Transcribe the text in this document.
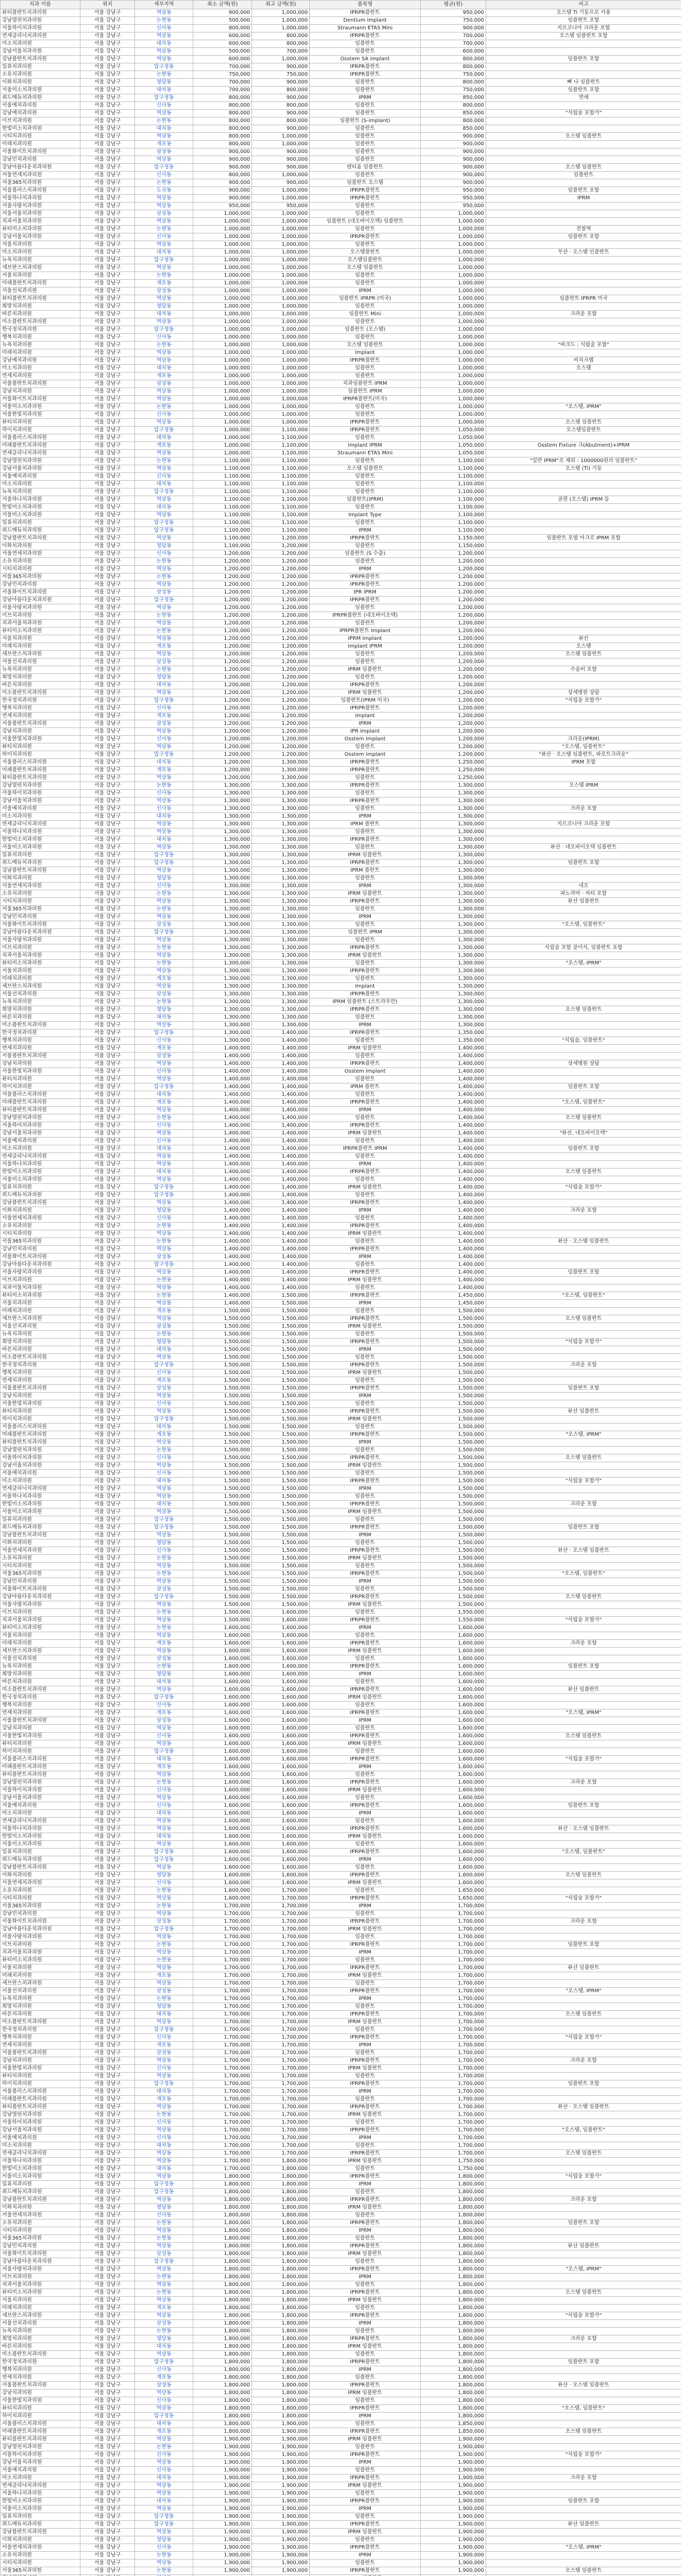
치과 이름	위치	세부지역	최소 금액(원)	최고 금액(원)	품목명	평균(원)	비고
뷰티플란트치과의원	서울 강남구	역삼동	900,000	1,000,000	IPRPR플란트	950,000	오스템 Ti 기둥으로 사용
강남열린치과의원	서울 강남구	논현동	500,000	1,000,000	Dentium implant	750,000	임플란트 포함
서울하이치과의원	서울 강남구	신사동	800,000	1,000,000	Straumann ETAS Mini	900,000	지르코니아 크라운 포함
연세클리닉치과의원	서울 강남구	역삼동	600,000	800,000	IPRPR플란트	700,000	오스템 임플란트 포함
미소치과의원	서울 강남구	대치동	600,000	800,000	임플란트	700,000	
강남서울치과의원	서울 강남구	역삼동	500,000	700,000	임플란트	600,000	
강남플란트치과의원	서울 강남구	역삼동	600,000	1,000,000	Osstem SA implant	800,000	임플란트 포함
일류치과의원	서울 강남구	압구정동	700,000	900,000	IPRPR플란트	800,000	
소유치과의원	서울 강남구	논현동	750,000	750,000	IPRPR플란트	750,000	
이화치과의원	서울 강남구	청담동	700,000	900,000	임플란트	800,000	뼈 나 임플란트
서울미소치과의원	서울 강남구	대치동	700,000	800,000	임플란트	750,000	임플란트 포함
위드메듀치과의원	서울 강남구	압구정동	800,000	900,000	IPRM	850,000	면세
서울예치과의원	서울 강남구	신사동	800,000	800,000	임플란트	800,000	
강남예치과의원	서울 강남구	역삼동	800,000	900,000	임플란트	850,000	"식립술 포함가"
이브치과의원	서울 강남구	논현동	800,000	800,000	임플란트 (S-implant)	800,000	
한빛미소치과의원	서울 강남구	대치동	800,000	900,000	임플란트	850,000	
시티치과의원	서울 강남구	역삼동	800,000	1,000,000	임플란트	900,000	오스템 임플란트
미래치과의원	서울 강남구	개포동	800,000	1,000,000	임플란트	900,000	
서울화이트치과의원	서울 강남구	삼성동	900,000	900,000	임플란트	900,000	
강남민치과의원	서울 강남구	역삼동	900,000	900,000	임플란트	900,000	
강남아름다운치과의원	서울 강남구	압구정동	900,000	900,000	덴티움 임플란트	900,000	오스템 임플란트
서울연세치과의원	서울 강남구	신사동	800,000	1,000,000	임플란트	900,000	임플란트
서울365치과의원	서울 강남구	논현동	900,000	900,000	임플란트 오스템	900,000	
서울플러스치과의원	서울 강남구	도곡동	900,000	1,000,000	IPRPR플란트	950,000	임플란트 포함
서울하나치과의원	서울 강남구	역삼동	900,000	1,000,000	IPRPR플란트	950,000	IPRM
서울사랑치과의원	서울 강남구	역삼동	950,000	950,000	임플란트	950,000	
서울서울치과의원	서울 강남구	삼성동	1,000,000	1,000,000	임플란트	1,000,000	
치과서울치과의원	서울 강남구	역삼동	1,000,000	1,000,000	임플란트 (네오바이오텍) 임플란트	1,000,000	
뷰티미소치과의원	서울 강남구	논현동	1,000,000	1,000,000	임플란트	1,000,000	전철역
강남서울치과의원	서울 강남구	신사동	1,000,000	1,000,000	IPRPR플란트	1,000,000	임플란트 포함
서울치과의원	서울 강남구	역삼동	1,000,000	1,000,000	임플란트	1,000,000	
미소치과의원	서울 강남구	대치동	1,000,000	1,000,000	오스템플란트	1,000,000	무산 · 오스템 인플란트
뉴욕치과의원	서울 강남구	압구정동	1,000,000	1,000,000	오스템임플란트	1,000,000	
세브란스치과의원	서울 강남구	역삼동	1,000,000	1,000,000	오스템 임플란트	1,000,000	
서울치과의원	서울 강남구	논현동	1,000,000	1,000,000	임플란트	1,000,000	
미래플란트치과의원	서울 강남구	개포동	1,000,000	1,000,000	임플란트	1,000,000	
서울선치과의원	서울 강남구	삼성동	1,000,000	1,000,000	IPRM	1,000,000	
뷰티플란트치과의원	서울 강남구	역삼동	1,000,000	1,000,000	임플란트 IPRPR (미국)	1,000,000	임플란트 IPRPR 미국
희망치과의원	서울 강남구	청담동	1,000,000	1,000,000	임플란트	1,000,000	
바른치과의원	서울 강남구	대치동	1,000,000	1,000,000	임플란트 Mini	1,000,000	크라운 포함
미소플란트치과의원	서울 강남구	역삼동	1,000,000	1,000,000	임플란트	1,000,000	
한국정치과의원	서울 강남구	압구정동	1,000,000	1,000,000	임플란트 (오스템)	1,000,000	
행복치과의원	서울 강남구	신사동	1,000,000	1,000,000	임플란트	1,000,000	
뉴욕치과의원	서울 강남구	논현동	1,000,000	1,000,000	오스템 임플란트	1,000,000	"바크드 : 식립술 포함"
미래치과의원	서울 강남구	역삼동	1,000,000	1,000,000	Implant	1,000,000	
강남예치과의원	서울 강남구	역삼동	1,000,000	1,000,000	IPRPR플란트	1,000,000	비치크랩
미소치과의원	서울 강남구	대치동	1,000,000	1,000,000	임플란트	1,000,000	오스템
연세치과의원	서울 강남구	개포동	1,000,000	1,000,000	임플란트	1,000,000	
서울플란트치과의원	서울 강남구	삼성동	1,000,000	1,000,000	치과임플란트 IPRM	1,000,000	
강남치과의원	서울 강남구	역삼동	1,000,000	1,000,000	임플란트 IPRM	1,000,000	
서울화이트치과의원	서울 강남구	역삼동	1,000,000	1,000,000	IPRPR플란트(미국)	1,000,000	
서울미소치과의원	서울 강남구	논현동	1,000,000	1,000,000	임플란트	1,000,000	"오스템, IPRM"
서울한빛치과의원	서울 강남구	신사동	1,000,000	1,000,000	임플란트	1,000,000	
뷰티치과의원	서울 강남구	역삼동	1,000,000	1,000,000	IPRPR플란트	1,000,000	오스템 임플란트
하이치과의원	서울 강남구	압구정동	1,000,000	1,100,000	IPRPR플란트	1,050,000	오스템임플란트
서울플러스치과의원	서울 강남구	대치동	1,000,000	1,100,000	임플란트	1,050,000	
미래플란트치과의원	서울 강남구	개포동	1,000,000	1,100,000	Implant IPRM	1,050,000	Osstem Fixture 크(Abutment)+IPRM
연세클리닉치과의원	서울 강남구	역삼동	1,000,000	1,100,000	Straumann ETAS Mini	1,050,000	
강남열린치과의원	서울 강남구	논현동	1,100,000	1,100,000	임플란트	1,100,000	"일반 IPRM"로 제외 : 1000000원의 임플란트"
강남서울치과의원	서울 강남구	역삼동	1,100,000	1,100,000	오스템 임플란트	1,100,000	오스템 (Ti) 기둥
서울예치과의원	서울 강남구	신사동	1,100,000	1,100,000	임플란트	1,100,000	
미소치과의원	서울 강남구	대치동	1,100,000	1,100,000	임플란트	1,100,000	
뉴욕치과의원	서울 강남구	압구정동	1,100,000	1,100,000	임플란트	1,100,000	
서울하나치과의원	서울 강남구	역삼동	1,100,000	1,100,000	임플란트(IPRM)	1,100,000	골편 (오스템) IPRM 등
한빛미소치과의원	서울 강남구	대치동	1,100,000	1,100,000	임플란트	1,100,000	
서울미소치과의원	서울 강남구	역삼동	1,100,000	1,100,000	Implant Type	1,100,000	
일류치과의원	서울 강남구	압구정동	1,100,000	1,100,000	임플란트	1,100,000	
위드메듀치과의원	서울 강남구	압구정동	1,100,000	1,100,000	IPRM	1,100,000	
강남플란트치과의원	서울 강남구	역삼동	1,100,000	1,200,000	IPRPR플란트	1,150,000	임플란트 포함 아크로 IPRM 포함
이화치과의원	서울 강남구	청담동	1,100,000	1,200,000	임플란트	1,150,000	
서울연세치과의원	서울 강남구	신사동	1,200,000	1,200,000	임플란트 (S 수출)	1,200,000	
소유치과의원	서울 강남구	논현동	1,200,000	1,200,000	임플란트	1,200,000	
시티치과의원	서울 강남구	역삼동	1,200,000	1,200,000	IPRM	1,200,000	
서울365치과의원	서울 강남구	논현동	1,200,000	1,200,000	IPRPR플란트	1,200,000	
강남민치과의원	서울 강남구	역삼동	1,200,000	1,200,000	IPRPR플란트	1,200,000	
서울화이트치과의원	서울 강남구	삼성동	1,200,000	1,200,000	IPR IPRM	1,200,000	
강남아름다운치과의원	서울 강남구	압구정동	1,200,000	1,200,000	IPRPR플란트	1,200,000	
서울사랑치과의원	서울 강남구	역삼동	1,200,000	1,200,000	임플란트	1,200,000	
이브치과의원	서울 강남구	논현동	1,200,000	1,200,000	IPRPR플란트 (네오바이오텍)	1,200,000	
치과서울치과의원	서울 강남구	역삼동	1,200,000	1,200,000	임플란트	1,200,000	
뷰티미소치과의원	서울 강남구	논현동	1,200,000	1,200,000	IPRPR플란트 Implant	1,200,000	
서울치과의원	서울 강남구	역삼동	1,200,000	1,200,000	IPRM Implant	1,200,000	뷰산
미래치과의원	서울 강남구	개포동	1,200,000	1,200,000	Implant IPRM	1,200,000	오스템
세브란스치과의원	서울 강남구	역삼동	1,200,000	1,200,000	임플란트	1,200,000	오스템 임플란트
서울선치과의원	서울 강남구	삼성동	1,200,000	1,200,000	임플란트	1,200,000	
뉴욕치과의원	서울 강남구	논현동	1,200,000	1,200,000	IPRM 임플란트	1,200,000	수술비 포함
희망치과의원	서울 강남구	청담동	1,200,000	1,200,000	임플란트	1,200,000	
바른치과의원	서울 강남구	대치동	1,200,000	1,200,000	IPRPR플란트	1,200,000	
미소플란트치과의원	서울 강남구	역삼동	1,200,000	1,200,000	IPRM 임플란트	1,200,000	상세병원 상담
한국정치과의원	서울 강남구	압구정동	1,200,000	1,200,000	임플란트(IPRM 미국)	1,200,000	"식립술 포함가"
행복치과의원	서울 강남구	신사동	1,200,000	1,200,000	IPRPR플란트	1,200,000	
연세치과의원	서울 강남구	개포동	1,200,000	1,200,000	Implant	1,200,000	
서울플란트치과의원	서울 강남구	삼성동	1,200,000	1,200,000	IPRM	1,200,000	
강남치과의원	서울 강남구	역삼동	1,200,000	1,200,000	IPR Implant	1,200,000	
서울한빛치과의원	서울 강남구	신사동	1,200,000	1,200,000	Osstem Implant	1,200,000	크라운(IPRM)
뷰티치과의원	서울 강남구	역삼동	1,200,000	1,200,000	임플란트	1,200,000	"오스템, 임플란트"
하이치과의원	서울 강남구	압구정동	1,200,000	1,200,000	Osstem Implant	1,200,000	"뷰산 · 오스템 임플란트, 파로트크라운"
서울플러스치과의원	서울 강남구	대치동	1,200,000	1,300,000	IPRPR플란트	1,250,000	IPRM 포함
미래플란트치과의원	서울 강남구	개포동	1,200,000	1,300,000	IPRPR플란트	1,250,000	
뷰티플란트치과의원	서울 강남구	역삼동	1,200,000	1,300,000	임플란트	1,250,000	
강남열린치과의원	서울 강남구	논현동	1,300,000	1,300,000	IPRPR플란트	1,300,000	오스템 IPRM
서울하이치과의원	서울 강남구	신사동	1,300,000	1,300,000	임플란트	1,300,000	
강남서울치과의원	서울 강남구	역삼동	1,300,000	1,300,000	IPRPR플란트	1,300,000	
서울예치과의원	서울 강남구	신사동	1,300,000	1,300,000	임플란트	1,300,000	크라운 포함
미소치과의원	서울 강남구	대치동	1,300,000	1,300,000	IPRM	1,300,000	
연세클리닉치과의원	서울 강남구	역삼동	1,300,000	1,300,000	IPRM 플란트	1,300,000	지르코니아 크라운 포함
서울하나치과의원	서울 강남구	역삼동	1,300,000	1,300,000	임플란트	1,300,000	
한빛미소치과의원	서울 강남구	대치동	1,300,000	1,300,000	IPRPR플란트	1,300,000	
서울미소치과의원	서울 강남구	역삼동	1,300,000	1,300,000	임플란트	1,300,000	뷰산 · 네오바이오텍 임플란트
일류치과의원	서울 강남구	압구정동	1,300,000	1,300,000	IPRM 임플란트	1,300,000	
위드메듀치과의원	서울 강남구	압구정동	1,300,000	1,300,000	IPRPR플란트	1,300,000	임플란트 포함
강남플란트치과의원	서울 강남구	역삼동	1,300,000	1,300,000	IPRM 플란트	1,300,000	
이화치과의원	서울 강남구	청담동	1,300,000	1,300,000	임플란트	1,300,000	
서울연세치과의원	서울 강남구	신사동	1,300,000	1,300,000	IPRM	1,300,000	네오
소유치과의원	서울 강남구	논현동	1,300,000	1,300,000	IPRM 임플란트	1,300,000	파노라마 · 씨티 포함
시티치과의원	서울 강남구	역삼동	1,300,000	1,300,000	IPRPR플란트	1,300,000	뷰산 임플란트
서울365치과의원	서울 강남구	논현동	1,300,000	1,300,000	임플란트	1,300,000	
강남민치과의원	서울 강남구	역삼동	1,300,000	1,300,000	IPRM	1,300,000	
서울화이트치과의원	서울 강남구	삼성동	1,300,000	1,300,000	임플란트	1,300,000	"오스템, 임플란트"
강남아름다운치과의원	서울 강남구	압구정동	1,300,000	1,300,000	임플란트 IPRM	1,300,000	
서울사랑치과의원	서울 강남구	역삼동	1,300,000	1,300,000	임플란트	1,300,000	
이브치과의원	서울 강남구	논현동	1,300,000	1,300,000	IPRPR플란트	1,300,000	식립술 포함 골이식, 임플란트 포함
치과서울치과의원	서울 강남구	역삼동	1,300,000	1,300,000	IPRM 임플란트	1,300,000	
뷰티미소치과의원	서울 강남구	논현동	1,300,000	1,300,000	임플란트	1,300,000	"오스템, IPRM"
서울치과의원	서울 강남구	역삼동	1,300,000	1,300,000	IPRPR플란트	1,300,000	
미래치과의원	서울 강남구	개포동	1,300,000	1,300,000	임플란트	1,300,000	
세브란스치과의원	서울 강남구	역삼동	1,300,000	1,300,000	Implant	1,300,000	
서울선치과의원	서울 강남구	삼성동	1,300,000	1,300,000	IPRPR플란트	1,300,000	
뉴욕치과의원	서울 강남구	논현동	1,300,000	1,300,000	IPRM 임플란트 (스트라우만)	1,300,000	
희망치과의원	서울 강남구	청담동	1,300,000	1,300,000	IPRPR플란트	1,300,000	오스템 임플란트
바른치과의원	서울 강남구	대치동	1,300,000	1,300,000	임플란트	1,300,000	
미소플란트치과의원	서울 강남구	역삼동	1,300,000	1,300,000	IPRM	1,300,000	
한국정치과의원	서울 강남구	압구정동	1,300,000	1,400,000	IPRPR플란트	1,350,000	
행복치과의원	서울 강남구	신사동	1,300,000	1,400,000	임플란트	1,350,000	"식립술, 임플란트"
연세치과의원	서울 강남구	개포동	1,400,000	1,400,000	IPRM 임플란트	1,400,000	
서울플란트치과의원	서울 강남구	삼성동	1,400,000	1,400,000	임플란트	1,400,000	
강남치과의원	서울 강남구	역삼동	1,400,000	1,400,000	IPRPR플란트	1,400,000	상세병원 상담
서울한빛치과의원	서울 강남구	신사동	1,400,000	1,400,000	Osstem Implant	1,400,000	
뷰티치과의원	서울 강남구	역삼동	1,400,000	1,400,000	임플란트	1,400,000	
하이치과의원	서울 강남구	압구정동	1,400,000	1,400,000	IPRM 플란트	1,400,000	임플란트 포함
서울플러스치과의원	서울 강남구	대치동	1,400,000	1,400,000	임플란트	1,400,000	
미래플란트치과의원	서울 강남구	개포동	1,400,000	1,400,000	IPRPR플란트	1,400,000	"오스템, 임플란트"
뷰티플란트치과의원	서울 강남구	역삼동	1,400,000	1,400,000	IPRM	1,400,000	
강남열린치과의원	서울 강남구	논현동	1,400,000	1,400,000	임플란트	1,400,000	오스템 임플란트
서울하이치과의원	서울 강남구	신사동	1,400,000	1,400,000	IPRPR플란트	1,400,000	
강남서울치과의원	서울 강남구	역삼동	1,400,000	1,400,000	IPRM 임플란트	1,400,000	"뷰산, 네오바이오텍"
서울예치과의원	서울 강남구	신사동	1,400,000	1,400,000	임플란트	1,400,000	
미소치과의원	서울 강남구	대치동	1,400,000	1,400,000	IPRPR플란트 IPRM	1,400,000	임플란트 포함
연세클리닉치과의원	서울 강남구	역삼동	1,400,000	1,400,000	임플란트	1,400,000	
서울하나치과의원	서울 강남구	역삼동	1,400,000	1,400,000	IPRM	1,400,000	
한빛미소치과의원	서울 강남구	대치동	1,400,000	1,400,000	IPRPR플란트	1,400,000	오스템 임플란트
서울미소치과의원	서울 강남구	역삼동	1,400,000	1,400,000	임플란트	1,400,000	
일류치과의원	서울 강남구	압구정동	1,400,000	1,400,000	IPRM 임플란트	1,400,000	"식립술 포함가"
위드메듀치과의원	서울 강남구	압구정동	1,400,000	1,400,000	임플란트	1,400,000	
강남플란트치과의원	서울 강남구	역삼동	1,400,000	1,400,000	IPRPR플란트	1,400,000	
이화치과의원	서울 강남구	청담동	1,400,000	1,400,000	IPRM	1,400,000	크라운 포함
서울연세치과의원	서울 강남구	신사동	1,400,000	1,400,000	임플란트	1,400,000	
소유치과의원	서울 강남구	논현동	1,400,000	1,400,000	IPRPR플란트	1,400,000	
시티치과의원	서울 강남구	역삼동	1,400,000	1,400,000	IPRM 임플란트	1,400,000	
서울365치과의원	서울 강남구	논현동	1,400,000	1,400,000	임플란트	1,400,000	뷰산 · 오스템 임플란트
강남민치과의원	서울 강남구	역삼동	1,400,000	1,400,000	IPRPR플란트	1,400,000	
서울화이트치과의원	서울 강남구	삼성동	1,400,000	1,400,000	IPRM	1,400,000	
강남아름다운치과의원	서울 강남구	압구정동	1,400,000	1,400,000	임플란트	1,400,000	
서울사랑치과의원	서울 강남구	역삼동	1,400,000	1,400,000	IPRPR플란트	1,400,000	임플란트 포함
이브치과의원	서울 강남구	논현동	1,400,000	1,400,000	IPRM 임플란트	1,400,000	
치과서울치과의원	서울 강남구	역삼동	1,400,000	1,400,000	임플란트	1,400,000	
뷰티미소치과의원	서울 강남구	논현동	1,400,000	1,500,000	IPRPR플란트	1,450,000	"오스템, 임플란트"
서울치과의원	서울 강남구	역삼동	1,400,000	1,500,000	IPRM	1,450,000	
미래치과의원	서울 강남구	개포동	1,500,000	1,500,000	임플란트	1,500,000	
세브란스치과의원	서울 강남구	역삼동	1,500,000	1,500,000	IPRPR플란트	1,500,000	오스템 임플란트
서울선치과의원	서울 강남구	삼성동	1,500,000	1,500,000	IPRM 임플란트	1,500,000	
뉴욕치과의원	서울 강남구	논현동	1,500,000	1,500,000	임플란트	1,500,000	
희망치과의원	서울 강남구	청담동	1,500,000	1,500,000	IPRPR플란트	1,500,000	"식립술 포함가"
바른치과의원	서울 강남구	대치동	1,500,000	1,500,000	IPRM	1,500,000	
미소플란트치과의원	서울 강남구	역삼동	1,500,000	1,500,000	임플란트	1,500,000	
한국정치과의원	서울 강남구	압구정동	1,500,000	1,500,000	IPRPR플란트	1,500,000	크라운 포함
행복치과의원	서울 강남구	신사동	1,500,000	1,500,000	IPRM 임플란트	1,500,000	
연세치과의원	서울 강남구	개포동	1,500,000	1,500,000	임플란트	1,500,000	
서울플란트치과의원	서울 강남구	삼성동	1,500,000	1,500,000	IPRPR플란트	1,500,000	임플란트 포함
강남치과의원	서울 강남구	역삼동	1,500,000	1,500,000	IPRM	1,500,000	
서울한빛치과의원	서울 강남구	신사동	1,500,000	1,500,000	임플란트	1,500,000	
뷰티치과의원	서울 강남구	역삼동	1,500,000	1,500,000	IPRPR플란트	1,500,000	뷰산 임플란트
하이치과의원	서울 강남구	압구정동	1,500,000	1,500,000	IPRM 임플란트	1,500,000	
서울플러스치과의원	서울 강남구	대치동	1,500,000	1,500,000	임플란트	1,500,000	
미래플란트치과의원	서울 강남구	개포동	1,500,000	1,500,000	IPRPR플란트	1,500,000	"오스템, IPRM"
뷰티플란트치과의원	서울 강남구	역삼동	1,500,000	1,500,000	IPRM	1,500,000	
강남열린치과의원	서울 강남구	논현동	1,500,000	1,500,000	임플란트	1,500,000	
서울하이치과의원	서울 강남구	신사동	1,500,000	1,500,000	IPRPR플란트	1,500,000	오스템 임플란트
강남서울치과의원	서울 강남구	역삼동	1,500,000	1,500,000	IPRM 임플란트	1,500,000	
서울예치과의원	서울 강남구	신사동	1,500,000	1,500,000	임플란트	1,500,000	
미소치과의원	서울 강남구	대치동	1,500,000	1,500,000	IPRPR플란트	1,500,000	"식립술 포함가"
연세클리닉치과의원	서울 강남구	역삼동	1,500,000	1,500,000	IPRM	1,500,000	
서울하나치과의원	서울 강남구	역삼동	1,500,000	1,500,000	임플란트	1,500,000	
한빛미소치과의원	서울 강남구	대치동	1,500,000	1,500,000	IPRPR플란트	1,500,000	크라운 포함
서울미소치과의원	서울 강남구	역삼동	1,500,000	1,500,000	IPRM 임플란트	1,500,000	
일류치과의원	서울 강남구	압구정동	1,500,000	1,500,000	임플란트	1,500,000	
위드메듀치과의원	서울 강남구	압구정동	1,500,000	1,500,000	IPRPR플란트	1,500,000	임플란트 포함
강남플란트치과의원	서울 강남구	역삼동	1,500,000	1,500,000	IPRM	1,500,000	
이화치과의원	서울 강남구	청담동	1,500,000	1,500,000	임플란트	1,500,000	
서울연세치과의원	서울 강남구	신사동	1,500,000	1,500,000	IPRPR플란트	1,500,000	뷰산 · 오스템 임플란트
소유치과의원	서울 강남구	논현동	1,500,000	1,500,000	IPRM 임플란트	1,500,000	
시티치과의원	서울 강남구	역삼동	1,500,000	1,500,000	임플란트	1,500,000	
서울365치과의원	서울 강남구	논현동	1,500,000	1,500,000	IPRPR플란트	1,500,000	"오스템, 임플란트"
강남민치과의원	서울 강남구	역삼동	1,500,000	1,500,000	IPRM	1,500,000	
서울화이트치과의원	서울 강남구	삼성동	1,500,000	1,500,000	임플란트	1,500,000	
강남아름다운치과의원	서울 강남구	압구정동	1,500,000	1,500,000	IPRPR플란트	1,500,000	오스템 임플란트
서울사랑치과의원	서울 강남구	역삼동	1,500,000	1,500,000	IPRM 임플란트	1,500,000	
이브치과의원	서울 강남구	논현동	1,500,000	1,600,000	임플란트	1,550,000	
치과서울치과의원	서울 강남구	역삼동	1,500,000	1,600,000	IPRPR플란트	1,550,000	"식립술 포함가"
뷰티미소치과의원	서울 강남구	논현동	1,600,000	1,600,000	IPRM	1,600,000	
서울치과의원	서울 강남구	역삼동	1,600,000	1,600,000	임플란트	1,600,000	
미래치과의원	서울 강남구	개포동	1,600,000	1,600,000	IPRPR플란트	1,600,000	크라운 포함
세브란스치과의원	서울 강남구	역삼동	1,600,000	1,600,000	IPRM 임플란트	1,600,000	
서울선치과의원	서울 강남구	삼성동	1,600,000	1,600,000	임플란트	1,600,000	
뉴욕치과의원	서울 강남구	논현동	1,600,000	1,600,000	IPRPR플란트	1,600,000	임플란트 포함
희망치과의원	서울 강남구	청담동	1,600,000	1,600,000	IPRM	1,600,000	
바른치과의원	서울 강남구	대치동	1,600,000	1,600,000	임플란트	1,600,000	
미소플란트치과의원	서울 강남구	역삼동	1,600,000	1,600,000	IPRPR플란트	1,600,000	뷰산 임플란트
한국정치과의원	서울 강남구	압구정동	1,600,000	1,600,000	IPRM 임플란트	1,600,000	
행복치과의원	서울 강남구	신사동	1,600,000	1,600,000	임플란트	1,600,000	
연세치과의원	서울 강남구	개포동	1,600,000	1,600,000	IPRPR플란트	1,600,000	"오스템, IPRM"
서울플란트치과의원	서울 강남구	삼성동	1,600,000	1,600,000	IPRM	1,600,000	
강남치과의원	서울 강남구	역삼동	1,600,000	1,600,000	임플란트	1,600,000	
서울한빛치과의원	서울 강남구	신사동	1,600,000	1,600,000	IPRPR플란트	1,600,000	오스템 임플란트
뷰티치과의원	서울 강남구	역삼동	1,600,000	1,600,000	IPRM 임플란트	1,600,000	
하이치과의원	서울 강남구	압구정동	1,600,000	1,600,000	임플란트	1,600,000	
서울플러스치과의원	서울 강남구	대치동	1,600,000	1,600,000	IPRPR플란트	1,600,000	"식립술 포함가"
미래플란트치과의원	서울 강남구	개포동	1,600,000	1,600,000	IPRM	1,600,000	
뷰티플란트치과의원	서울 강남구	역삼동	1,600,000	1,600,000	임플란트	1,600,000	
강남열린치과의원	서울 강남구	논현동	1,600,000	1,600,000	IPRPR플란트	1,600,000	크라운 포함
서울하이치과의원	서울 강남구	신사동	1,600,000	1,600,000	IPRM 임플란트	1,600,000	
강남서울치과의원	서울 강남구	역삼동	1,600,000	1,600,000	임플란트	1,600,000	
서울예치과의원	서울 강남구	신사동	1,600,000	1,600,000	IPRPR플란트	1,600,000	임플란트 포함
미소치과의원	서울 강남구	대치동	1,600,000	1,600,000	IPRM	1,600,000	
연세클리닉치과의원	서울 강남구	역삼동	1,600,000	1,600,000	임플란트	1,600,000	
서울하나치과의원	서울 강남구	역삼동	1,600,000	1,600,000	IPRPR플란트	1,600,000	뷰산 · 오스템 임플란트
한빛미소치과의원	서울 강남구	대치동	1,600,000	1,600,000	IPRM 임플란트	1,600,000	
서울미소치과의원	서울 강남구	역삼동	1,600,000	1,600,000	임플란트	1,600,000	
일류치과의원	서울 강남구	압구정동	1,600,000	1,600,000	IPRPR플란트	1,600,000	"오스템, 임플란트"
위드메듀치과의원	서울 강남구	압구정동	1,600,000	1,600,000	IPRM	1,600,000	
강남플란트치과의원	서울 강남구	역삼동	1,600,000	1,600,000	임플란트	1,600,000	
이화치과의원	서울 강남구	청담동	1,600,000	1,600,000	IPRPR플란트	1,600,000	오스템 임플란트
서울연세치과의원	서울 강남구	신사동	1,600,000	1,600,000	IPRM 임플란트	1,600,000	
소유치과의원	서울 강남구	논현동	1,600,000	1,700,000	임플란트	1,650,000	
시티치과의원	서울 강남구	역삼동	1,600,000	1,700,000	IPRPR플란트	1,650,000	"식립술 포함가"
서울365치과의원	서울 강남구	논현동	1,700,000	1,700,000	IPRM	1,700,000	
강남민치과의원	서울 강남구	역삼동	1,700,000	1,700,000	임플란트	1,700,000	
서울화이트치과의원	서울 강남구	삼성동	1,700,000	1,700,000	IPRPR플란트	1,700,000	크라운 포함
강남아름다운치과의원	서울 강남구	압구정동	1,700,000	1,700,000	IPRM 임플란트	1,700,000	
서울사랑치과의원	서울 강남구	역삼동	1,700,000	1,700,000	임플란트	1,700,000	
이브치과의원	서울 강남구	논현동	1,700,000	1,700,000	IPRPR플란트	1,700,000	임플란트 포함
치과서울치과의원	서울 강남구	역삼동	1,700,000	1,700,000	IPRM	1,700,000	
뷰티미소치과의원	서울 강남구	논현동	1,700,000	1,700,000	임플란트	1,700,000	
서울치과의원	서울 강남구	역삼동	1,700,000	1,700,000	IPRPR플란트	1,700,000	뷰산 임플란트
미래치과의원	서울 강남구	개포동	1,700,000	1,700,000	IPRM 임플란트	1,700,000	
세브란스치과의원	서울 강남구	역삼동	1,700,000	1,700,000	임플란트	1,700,000	
서울선치과의원	서울 강남구	삼성동	1,700,000	1,700,000	IPRPR플란트	1,700,000	"오스템, IPRM"
뉴욕치과의원	서울 강남구	논현동	1,700,000	1,700,000	IPRM	1,700,000	
희망치과의원	서울 강남구	청담동	1,700,000	1,700,000	임플란트	1,700,000	
바른치과의원	서울 강남구	대치동	1,700,000	1,700,000	IPRPR플란트	1,700,000	오스템 임플란트
미소플란트치과의원	서울 강남구	역삼동	1,700,000	1,700,000	IPRM 임플란트	1,700,000	
한국정치과의원	서울 강남구	압구정동	1,700,000	1,700,000	임플란트	1,700,000	
행복치과의원	서울 강남구	신사동	1,700,000	1,700,000	IPRPR플란트	1,700,000	"식립술 포함가"
연세치과의원	서울 강남구	개포동	1,700,000	1,700,000	IPRM	1,700,000	
서울플란트치과의원	서울 강남구	삼성동	1,700,000	1,700,000	임플란트	1,700,000	
강남치과의원	서울 강남구	역삼동	1,700,000	1,700,000	IPRPR플란트	1,700,000	크라운 포함
서울한빛치과의원	서울 강남구	신사동	1,700,000	1,700,000	IPRM 임플란트	1,700,000	
뷰티치과의원	서울 강남구	역삼동	1,700,000	1,700,000	임플란트	1,700,000	
하이치과의원	서울 강남구	압구정동	1,700,000	1,700,000	IPRPR플란트	1,700,000	임플란트 포함
서울플러스치과의원	서울 강남구	대치동	1,700,000	1,700,000	IPRM	1,700,000	
미래플란트치과의원	서울 강남구	개포동	1,700,000	1,700,000	임플란트	1,700,000	
뷰티플란트치과의원	서울 강남구	역삼동	1,700,000	1,700,000	IPRPR플란트	1,700,000	뷰산 · 오스템 임플란트
강남열린치과의원	서울 강남구	논현동	1,700,000	1,700,000	IPRM 임플란트	1,700,000	
서울하이치과의원	서울 강남구	신사동	1,700,000	1,700,000	임플란트	1,700,000	
강남서울치과의원	서울 강남구	역삼동	1,700,000	1,700,000	IPRPR플란트	1,700,000	"오스템, 임플란트"
서울예치과의원	서울 강남구	신사동	1,700,000	1,700,000	IPRM	1,700,000	
미소치과의원	서울 강남구	대치동	1,700,000	1,700,000	임플란트	1,700,000	
연세클리닉치과의원	서울 강남구	역삼동	1,700,000	1,700,000	IPRPR플란트	1,700,000	오스템 임플란트
서울하나치과의원	서울 강남구	역삼동	1,700,000	1,800,000	IPRM 임플란트	1,750,000	
한빛미소치과의원	서울 강남구	대치동	1,700,000	1,800,000	임플란트	1,750,000	
서울미소치과의원	서울 강남구	역삼동	1,800,000	1,800,000	IPRPR플란트	1,800,000	"식립술 포함가"
일류치과의원	서울 강남구	압구정동	1,800,000	1,800,000	IPRM	1,800,000	
위드메듀치과의원	서울 강남구	압구정동	1,800,000	1,800,000	임플란트	1,800,000	
강남플란트치과의원	서울 강남구	역삼동	1,800,000	1,800,000	IPRPR플란트	1,800,000	크라운 포함
이화치과의원	서울 강남구	청담동	1,800,000	1,800,000	IPRM 임플란트	1,800,000	
서울연세치과의원	서울 강남구	신사동	1,800,000	1,800,000	임플란트	1,800,000	
소유치과의원	서울 강남구	논현동	1,800,000	1,800,000	IPRPR플란트	1,800,000	임플란트 포함
시티치과의원	서울 강남구	역삼동	1,800,000	1,800,000	IPRM	1,800,000	
서울365치과의원	서울 강남구	논현동	1,800,000	1,800,000	임플란트	1,800,000	
강남민치과의원	서울 강남구	역삼동	1,800,000	1,800,000	IPRPR플란트	1,800,000	뷰산 임플란트
서울화이트치과의원	서울 강남구	삼성동	1,800,000	1,800,000	IPRM 임플란트	1,800,000	
강남아름다운치과의원	서울 강남구	압구정동	1,800,000	1,800,000	임플란트	1,800,000	
서울사랑치과의원	서울 강남구	역삼동	1,800,000	1,800,000	IPRPR플란트	1,800,000	"오스템, IPRM"
이브치과의원	서울 강남구	논현동	1,800,000	1,800,000	IPRM	1,800,000	
치과서울치과의원	서울 강남구	역삼동	1,800,000	1,800,000	임플란트	1,800,000	
뷰티미소치과의원	서울 강남구	논현동	1,800,000	1,800,000	IPRPR플란트	1,800,000	오스템 임플란트
서울치과의원	서울 강남구	역삼동	1,800,000	1,800,000	IPRM 임플란트	1,800,000	
미래치과의원	서울 강남구	개포동	1,800,000	1,800,000	임플란트	1,800,000	
세브란스치과의원	서울 강남구	역삼동	1,800,000	1,800,000	IPRPR플란트	1,800,000	"식립술 포함가"
서울선치과의원	서울 강남구	삼성동	1,800,000	1,800,000	IPRM	1,800,000	
뉴욕치과의원	서울 강남구	논현동	1,800,000	1,800,000	임플란트	1,800,000	
희망치과의원	서울 강남구	청담동	1,800,000	1,800,000	IPRPR플란트	1,800,000	크라운 포함
바른치과의원	서울 강남구	대치동	1,800,000	1,800,000	IPRM 임플란트	1,800,000	
미소플란트치과의원	서울 강남구	역삼동	1,800,000	1,800,000	임플란트	1,800,000	
한국정치과의원	서울 강남구	압구정동	1,800,000	1,800,000	IPRPR플란트	1,800,000	임플란트 포함
행복치과의원	서울 강남구	신사동	1,800,000	1,800,000	IPRM	1,800,000	
연세치과의원	서울 강남구	개포동	1,800,000	1,800,000	임플란트	1,800,000	
서울플란트치과의원	서울 강남구	삼성동	1,800,000	1,800,000	IPRPR플란트	1,800,000	뷰산 · 오스템 임플란트
강남치과의원	서울 강남구	역삼동	1,800,000	1,800,000	IPRM 임플란트	1,800,000	
서울한빛치과의원	서울 강남구	신사동	1,800,000	1,800,000	임플란트	1,800,000	
뷰티치과의원	서울 강남구	역삼동	1,800,000	1,800,000	IPRPR플란트	1,800,000	"오스템, 임플란트"
하이치과의원	서울 강남구	압구정동	1,800,000	1,800,000	IPRM	1,800,000	
서울플러스치과의원	서울 강남구	대치동	1,800,000	1,900,000	임플란트	1,850,000	
미래플란트치과의원	서울 강남구	개포동	1,800,000	1,900,000	IPRPR플란트	1,850,000	오스템 임플란트
뷰티플란트치과의원	서울 강남구	역삼동	1,900,000	1,900,000	IPRM 임플란트	1,900,000	
강남열린치과의원	서울 강남구	논현동	1,900,000	1,900,000	임플란트	1,900,000	
서울하이치과의원	서울 강남구	신사동	1,900,000	1,900,000	IPRPR플란트	1,900,000	"식립술 포함가"
강남서울치과의원	서울 강남구	역삼동	1,900,000	1,900,000	IPRM	1,900,000	
서울예치과의원	서울 강남구	신사동	1,900,000	1,900,000	임플란트	1,900,000	
미소치과의원	서울 강남구	대치동	1,900,000	1,900,000	IPRPR플란트	1,900,000	크라운 포함
연세클리닉치과의원	서울 강남구	역삼동	1,900,000	1,900,000	IPRM 임플란트	1,900,000	
서울하나치과의원	서울 강남구	역삼동	1,900,000	1,900,000	임플란트	1,900,000	
한빛미소치과의원	서울 강남구	대치동	1,900,000	1,900,000	IPRPR플란트	1,900,000	임플란트 포함
서울미소치과의원	서울 강남구	역삼동	1,900,000	1,900,000	IPRM	1,900,000	
일류치과의원	서울 강남구	압구정동	1,900,000	1,900,000	임플란트	1,900,000	
위드메듀치과의원	서울 강남구	압구정동	1,900,000	1,900,000	IPRPR플란트	1,900,000	뷰산 임플란트
강남플란트치과의원	서울 강남구	역삼동	1,900,000	1,900,000	IPRM 임플란트	1,900,000	
이화치과의원	서울 강남구	청담동	1,900,000	1,900,000	임플란트	1,900,000	
서울연세치과의원	서울 강남구	신사동	1,900,000	1,900,000	IPRPR플란트	1,900,000	"오스템, IPRM"
소유치과의원	서울 강남구	논현동	1,900,000	1,900,000	IPRM	1,900,000	
시티치과의원	서울 강남구	역삼동	1,900,000	1,900,000	임플란트	1,900,000	
서울365치과의원	서울 강남구	논현동	1,900,000	1,900,000	IPRPR플란트	1,900,000	오스템 임플란트
